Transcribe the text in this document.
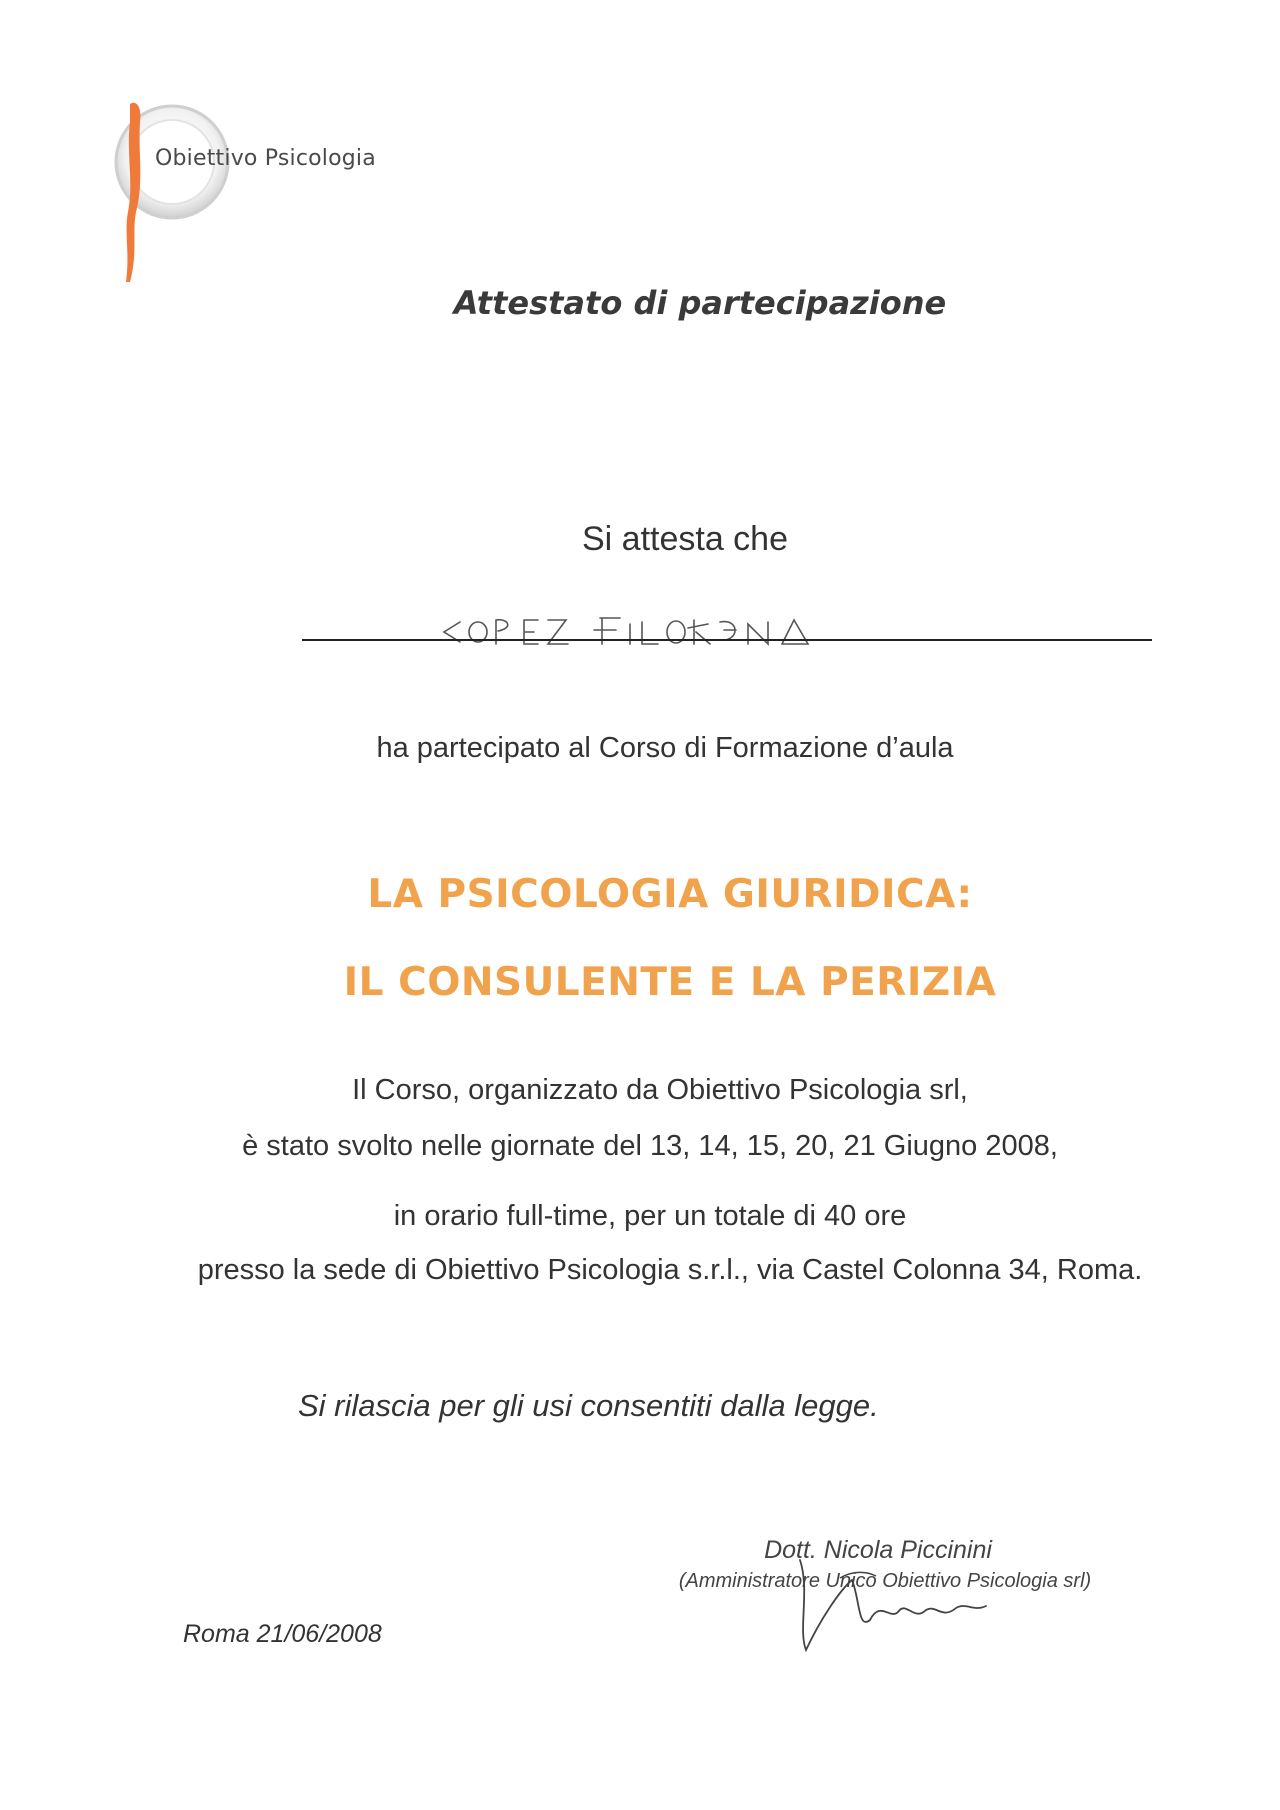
Obiettivo Psicologia
Attestato di partecipazione
Si attesta che
ha partecipato al Corso di Formazione d’aula
LA PSICOLOGIA GIURIDICA:
IL CONSULENTE E LA PERIZIA
Il Corso, organizzato da Obiettivo Psicologia srl,
è stato svolto nelle giornate del 13, 14, 15, 20, 21 Giugno 2008,
in orario full-time, per un totale di 40 ore
presso la sede di Obiettivo Psicologia s.r.l., via Castel Colonna 34, Roma.
Si rilascia per gli usi consentiti dalla legge.
Dott. Nicola Piccinini
(Amministratore Unico Obiettivo Psicologia srl)
Roma 21/06/2008
